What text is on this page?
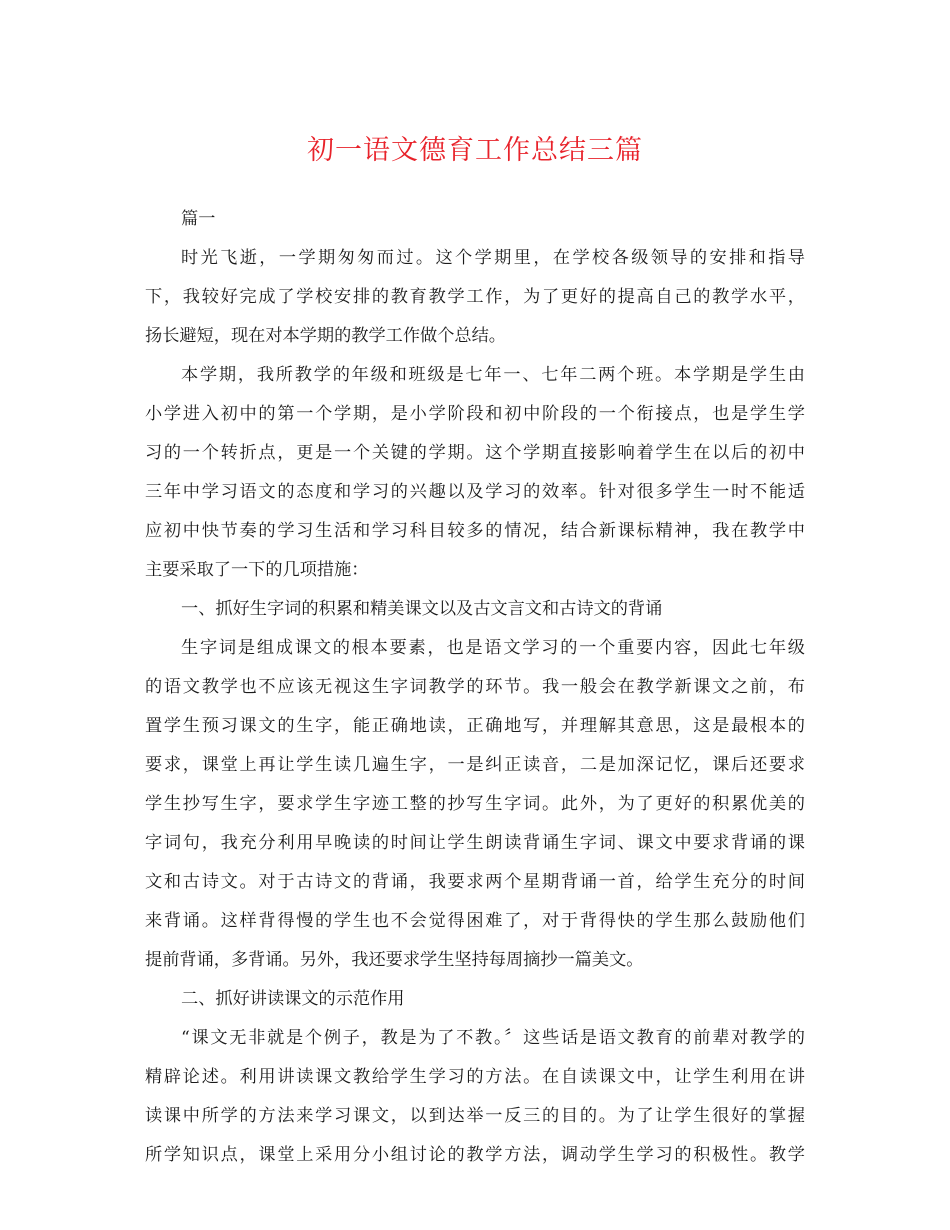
初一语文德育工作总结三篇

篇一

时光飞逝，一学期匆匆而过。这个学期里，在学校各级领导的安排和指导

下，我较好完成了学校安排的教育教学工作，为了更好的提高自己的教学水平，

扬长避短，现在对本学期的教学工作做个总结。

本学期，我所教学的年级和班级是七年一、七年二两个班。本学期是学生由

小学进入初中的第一个学期，是小学阶段和初中阶段的一个衔接点，也是学生学

习的一个转折点，更是一个关键的学期。这个学期直接影响着学生在以后的初中

三年中学习语文的态度和学习的兴趣以及学习的效率。针对很多学生一时不能适

应初中快节奏的学习生活和学习科目较多的情况，结合新课标精神，我在教学中

主要采取了一下的几项措施：

一、抓好生字词的积累和精美课文以及古文言文和古诗文的背诵

生字词是组成课文的根本要素，也是语文学习的一个重要内容，因此七年级

的语文教学也不应该无视这生字词教学的环节。我一般会在教学新课文之前，布

置学生预习课文的生字，能正确地读，正确地写，并理解其意思，这是最根本的

要求，课堂上再让学生读几遍生字，一是纠正读音，二是加深记忆，课后还要求

学生抄写生字，要求学生字迹工整的抄写生字词。此外，为了更好的积累优美的

字词句，我充分利用早晚读的时间让学生朗读背诵生字词、课文中要求背诵的课

文和古诗文。对于古诗文的背诵，我要求两个星期背诵一首，给学生充分的时间

来背诵。这样背得慢的学生也不会觉得困难了，对于背得快的学生那么鼓励他们

提前背诵，多背诵。另外，我还要求学生坚持每周摘抄一篇美文。

二、抓好讲读课文的示范作用

“课文无非就是个例子，教是为了不教。〞这些话是语文教育的前辈对教学的

精辟论述。利用讲读课文教给学生学习的方法。在自读课文中，让学生利用在讲

读课中所学的方法来学习课文，以到达举一反三的目的。为了让学生很好的掌握

所学知识点，课堂上采用分小组讨论的教学方法，调动学生学习的积极性。教学
